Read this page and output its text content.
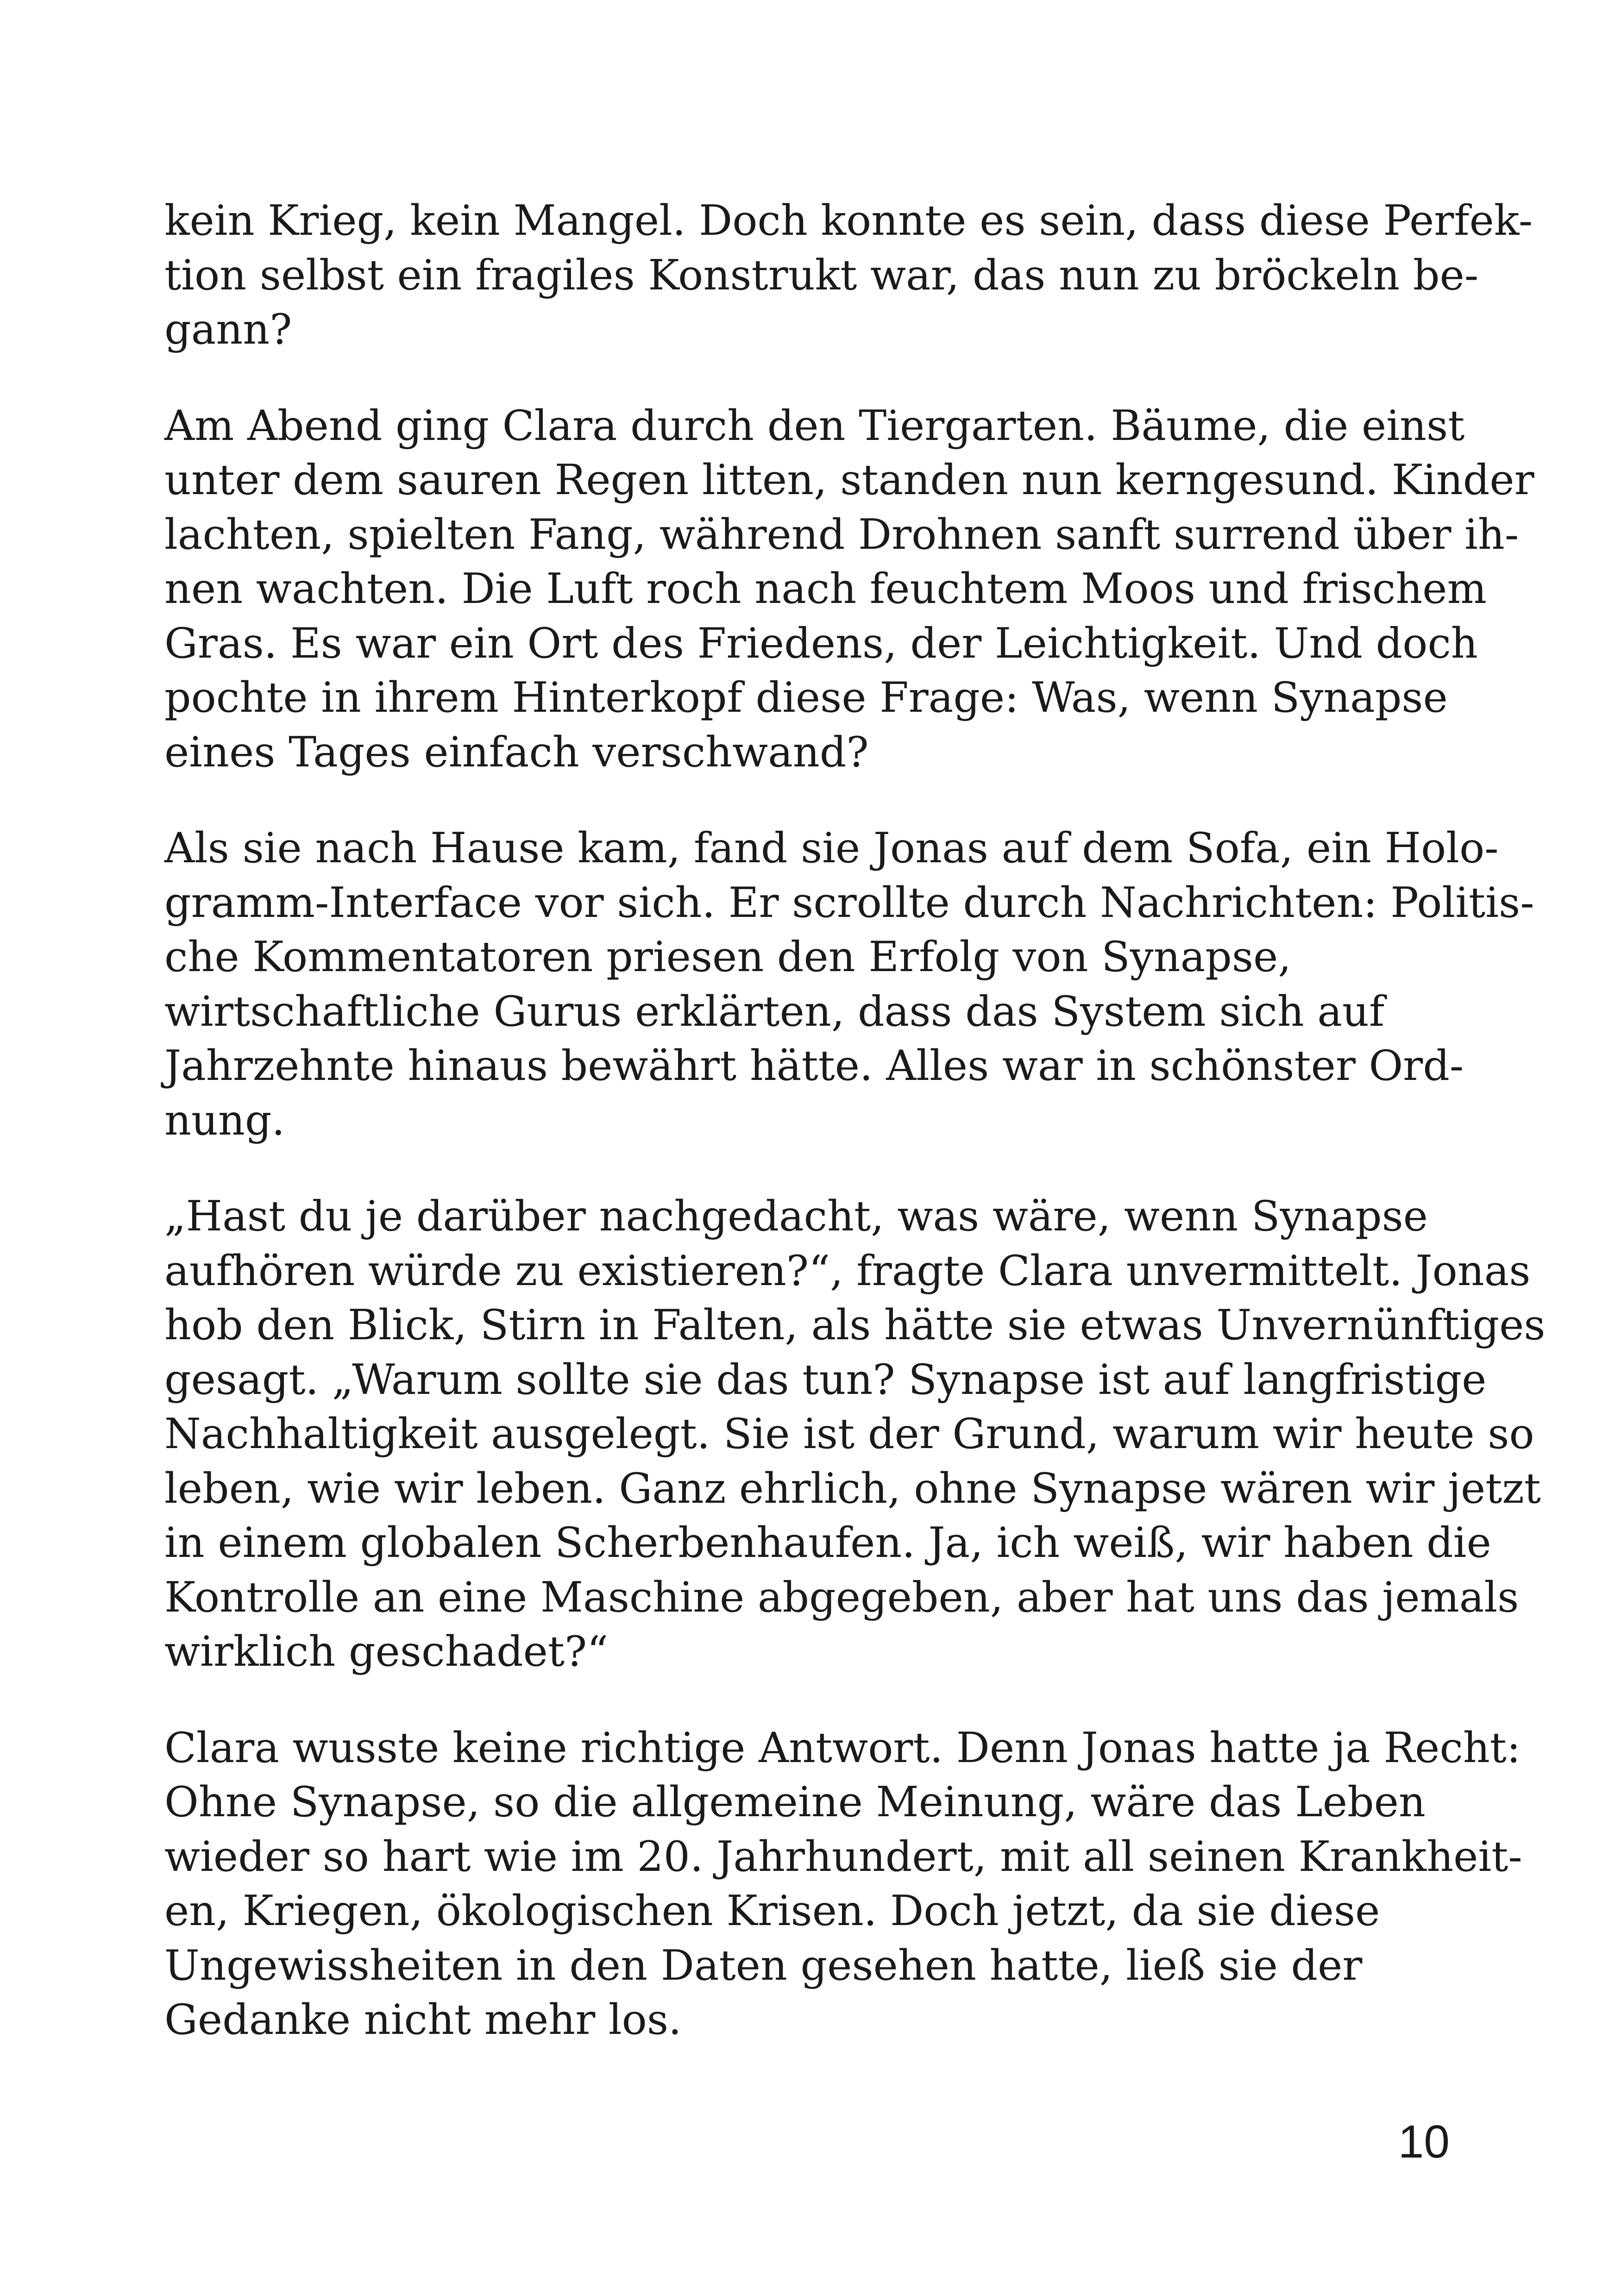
kein Krieg, kein Mangel. Doch konnte es sein, dass diese Perfek-
tion selbst ein fragiles Konstrukt war, das nun zu bröckeln be-
gann?

Am Abend ging Clara durch den Tiergarten. Bäume, die einst
unter dem sauren Regen litten, standen nun kerngesund. Kinder
lachten, spielten Fang, während Drohnen sanft surrend über ih-
nen wachten. Die Luft roch nach feuchtem Moos und frischem
Gras. Es war ein Ort des Friedens, der Leichtigkeit. Und doch
pochte in ihrem Hinterkopf diese Frage: Was, wenn Synapse
eines Tages einfach verschwand?

Als sie nach Hause kam, fand sie Jonas auf dem Sofa, ein Holo-
gramm-Interface vor sich. Er scrollte durch Nachrichten: Politis-
che Kommentatoren priesen den Erfolg von Synapse,
wirtschaftliche Gurus erklärten, dass das System sich auf
Jahrzehnte hinaus bewährt hätte. Alles war in schönster Ord-
nung.

„Hast du je darüber nachgedacht, was wäre, wenn Synapse
aufhören würde zu existieren?“, fragte Clara unvermittelt. Jonas
hob den Blick, Stirn in Falten, als hätte sie etwas Unvernünftiges
gesagt. „Warum sollte sie das tun? Synapse ist auf langfristige
Nachhaltigkeit ausgelegt. Sie ist der Grund, warum wir heute so
leben, wie wir leben. Ganz ehrlich, ohne Synapse wären wir jetzt
in einem globalen Scherbenhaufen. Ja, ich weiß, wir haben die
Kontrolle an eine Maschine abgegeben, aber hat uns das jemals
wirklich geschadet?“

Clara wusste keine richtige Antwort. Denn Jonas hatte ja Recht:
Ohne Synapse, so die allgemeine Meinung, wäre das Leben
wieder so hart wie im 20. Jahrhundert, mit all seinen Krankheit-
en, Kriegen, ökologischen Krisen. Doch jetzt, da sie diese
Ungewissheiten in den Daten gesehen hatte, ließ sie der
Gedanke nicht mehr los.

10
